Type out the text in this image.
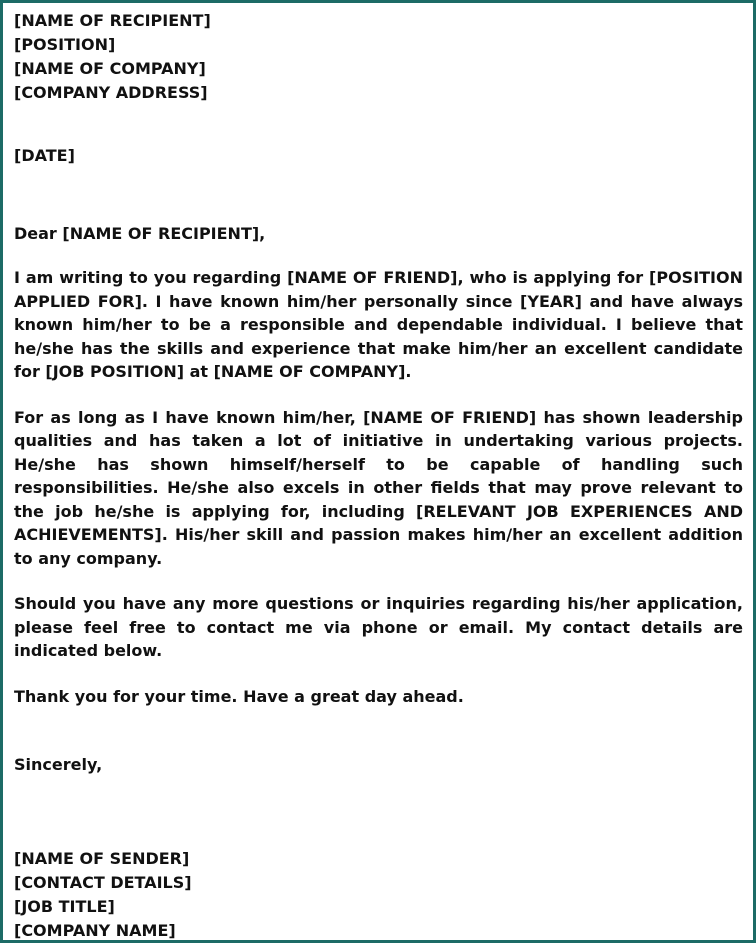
[NAME OF RECIPIENT]
[POSITION]
[NAME OF COMPANY]
[COMPANY ADDRESS]
[DATE]
Dear [NAME OF RECIPIENT],

I am writing to you regarding [NAME OF FRIEND], who is applying for [POSITION APPLIED FOR]. I have known him/her personally since [YEAR] and have always known him/her to be a responsible and dependable individual. I believe that he/she has the skills and experience that make him/her an excellent candidate for [JOB POSITION] at [NAME OF COMPANY].

For as long as I have known him/her, [NAME OF FRIEND] has shown leadership qualities and has taken a lot of initiative in undertaking various projects. He/she has shown himself/herself to be capable of handling such responsibilities. He/she also excels in other fields that may prove relevant to the job he/she is applying for, including [RELEVANT JOB EXPERIENCES AND ACHIEVEMENTS]. His/her skill and passion makes him/her an excellent addition to any company.

Should you have any more questions or inquiries regarding his/her application, please feel free to contact me via phone or email. My contact details are indicated below.

Thank you for your time. Have a great day ahead.

Sincerely,
[NAME OF SENDER]
[CONTACT DETAILS]
[JOB TITLE]
[COMPANY NAME]
